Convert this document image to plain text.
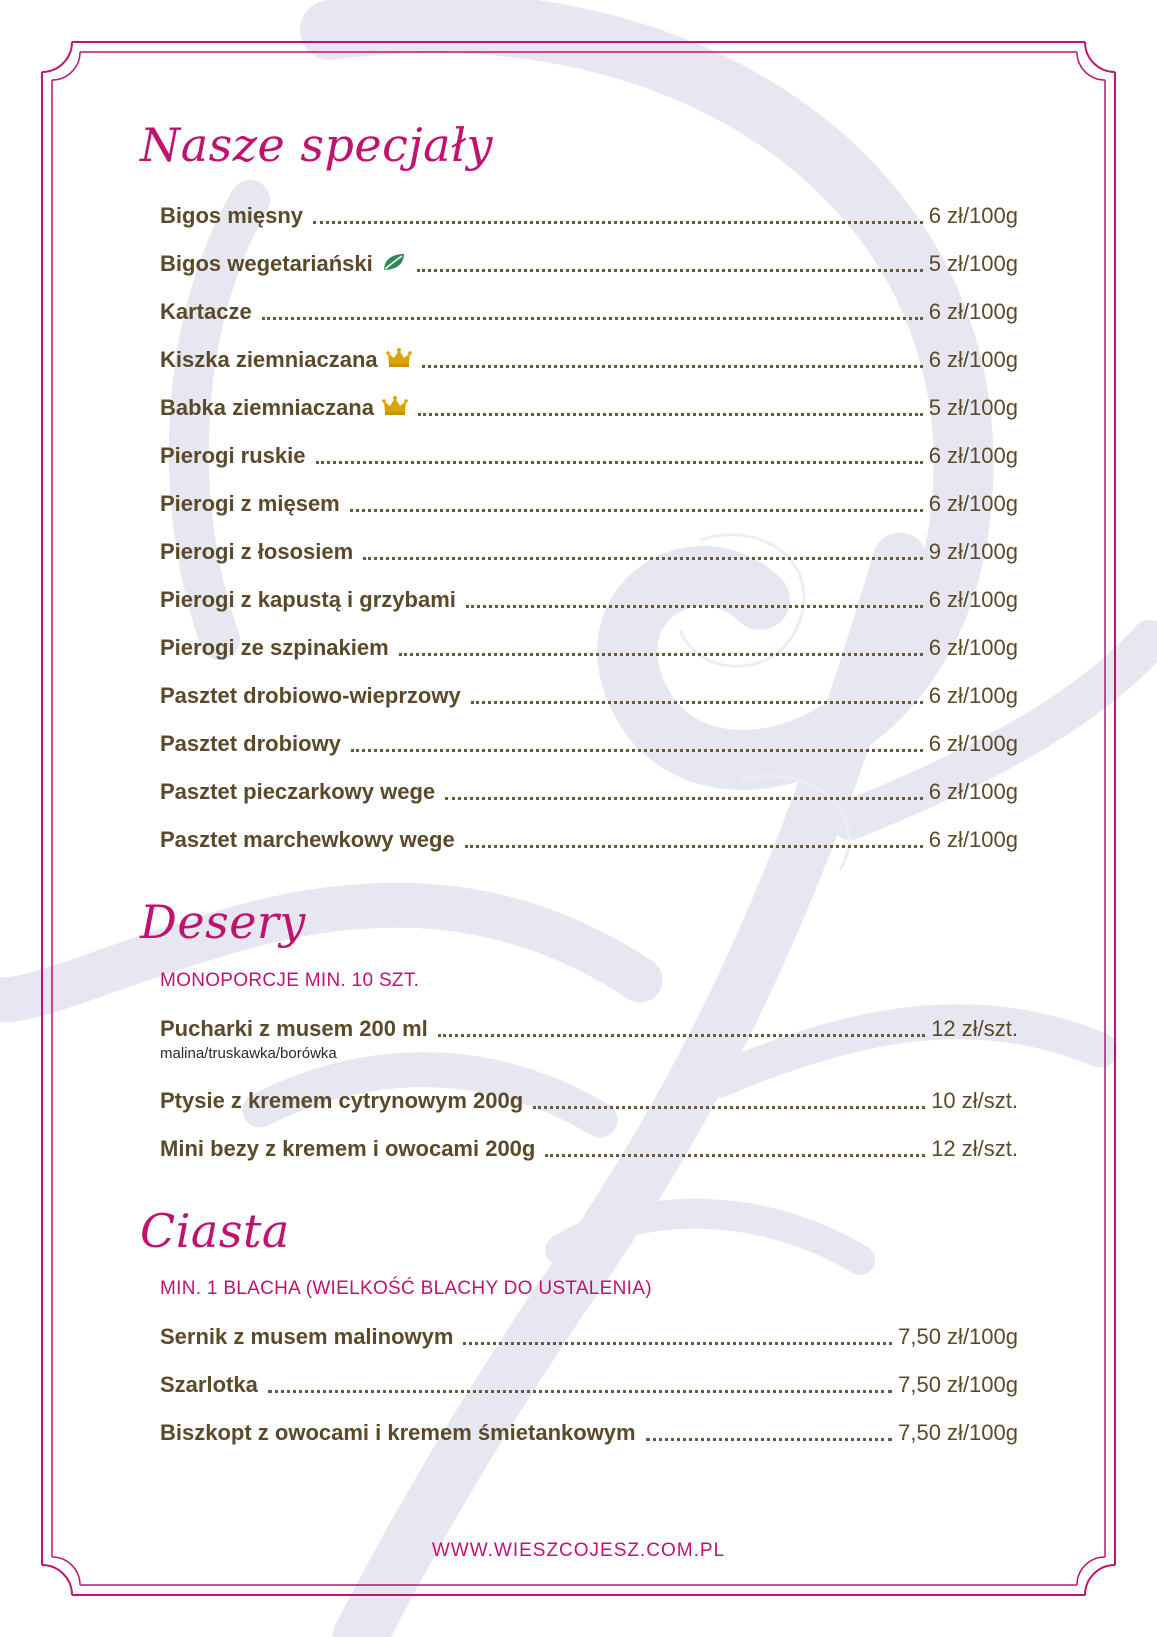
Nasze specjały
Bigos mięsny	6 zł/100g
Bigos wegetariański	5 zł/100g
Kartacze	6 zł/100g
Kiszka ziemniaczana	6 zł/100g
Babka ziemniaczana	5 zł/100g
Pierogi ruskie	6 zł/100g
Pierogi z mięsem	6 zł/100g
Pierogi z łososiem	9 zł/100g
Pierogi z kapustą i grzybami	6 zł/100g
Pierogi ze szpinakiem	6 zł/100g
Pasztet drobiowo-wieprzowy	6 zł/100g
Pasztet drobiowy	6 zł/100g
Pasztet pieczarkowy wege	6 zł/100g
Pasztet marchewkowy wege	6 zł/100g
Desery
MONOPORCJE MIN. 10 SZT.
Pucharki z musem 200 ml	12 zł/szt.
malina/truskawka/borówka
Ptysie z kremem cytrynowym 200g	10 zł/szt.
Mini bezy z kremem i owocami 200g	12 zł/szt.
Ciasta
MIN. 1 BLACHA (WIELKOŚĆ BLACHY DO USTALENIA)
Sernik z musem malinowym	7,50 zł/100g
Szarlotka	7,50 zł/100g
Biszkopt z owocami i kremem śmietankowym	7,50 zł/100g
WWW.WIESZCOJESZ.COM.PL
